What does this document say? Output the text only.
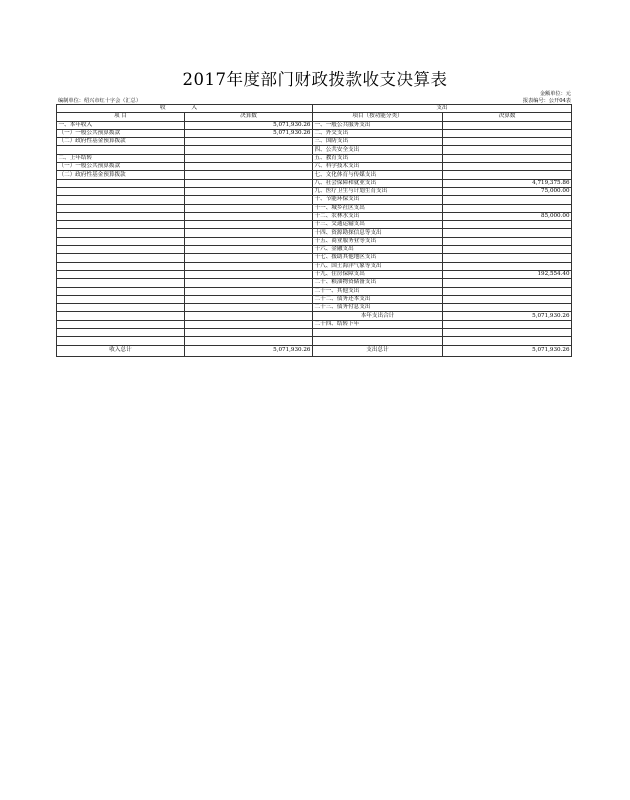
2017年度部门财政拨款收支决算表
金额单位：元
编制单位：绍兴市红十字会（汇总）	报表编号：公开04表
收 入		支出	
项 目	决算数	项目（按功能分类）	决算数
一、本年收入	5,071,930.26	一、一般公共服务支出	
（一）一般公共预算拨款	5,071,930.26	二、外交支出	
（二）政府性基金预算拨款		三、国防支出	
		四、公共安全支出	
二、上年结转		五、教育支出	
（一）一般公共预算拨款		六、科学技术支出	
（二）政府性基金预算拨款		七、文化体育与传媒支出	
		八、社会保障和就业支出	4,719,375.86
		九、医疗卫生与计划生育支出	75,000.00
		十、节能环保支出	
		十一、城乡社区支出	
		十二、农林水支出	85,000.00
		十三、交通运输支出	
		十四、资源勘探信息等支出	
		十五、商业服务业等支出	
		十六、金融支出	
		十七、援助其他地区支出	
		十八、国土海洋气象等支出	
		十九、住房保障支出	192,554.40
		二十、粮油物资储备支出	
		二十一、其他支出	
		二十二、债务还本支出	
		二十三、债务付息支出	
		本年支出合计	5,071,930.26
		二十四、结转下年	

收入总计	5,071,930.26	支出总计	5,071,930.26
